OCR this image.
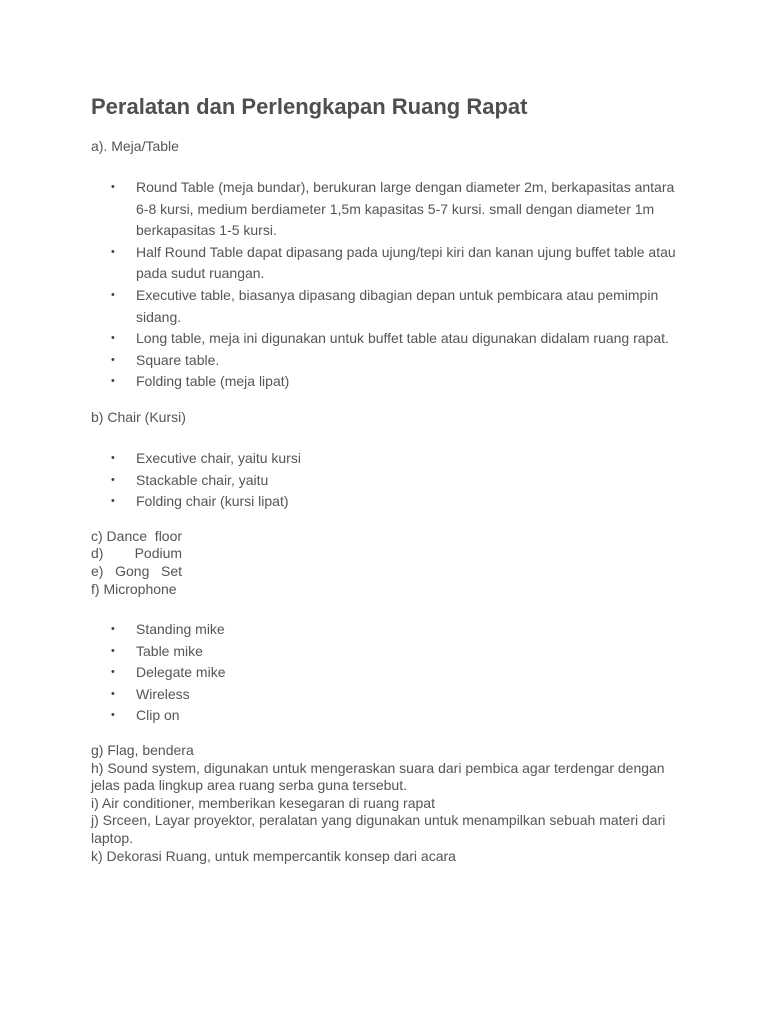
Peralatan dan Perlengkapan Ruang Rapat

a). Meja/Table

• Round Table (meja bundar), berukuran large dengan diameter 2m, berkapasitas antara 6-8 kursi, medium berdiameter 1,5m kapasitas 5-7 kursi. small dengan diameter 1m berkapasitas 1-5 kursi.
• Half Round Table dapat dipasang pada ujung/tepi kiri dan kanan ujung buffet table atau pada sudut ruangan.
• Executive table, biasanya dipasang dibagian depan untuk pembicara atau pemimpin sidang.
• Long table, meja ini digunakan untuk buffet table atau digunakan didalam ruang rapat.
• Square table.
• Folding table (meja lipat)

b) Chair (Kursi)

• Executive chair, yaitu kursi
• Stackable chair, yaitu
• Folding chair (kursi lipat)

c) Dance  floor

d)        Podium

e)   Gong   Set

f) Microphone

• Standing mike
• Table mike
• Delegate mike
• Wireless
• Clip on

g) Flag, bendera

h) Sound system, digunakan untuk mengeraskan suara dari pembica agar terdengar dengan jelas pada lingkup area ruang serba guna tersebut.

i) Air conditioner, memberikan kesegaran di ruang rapat

j) Srceen, Layar proyektor, peralatan yang digunakan untuk menampilkan sebuah materi dari laptop.

k) Dekorasi Ruang, untuk mempercantik konsep dari acara
